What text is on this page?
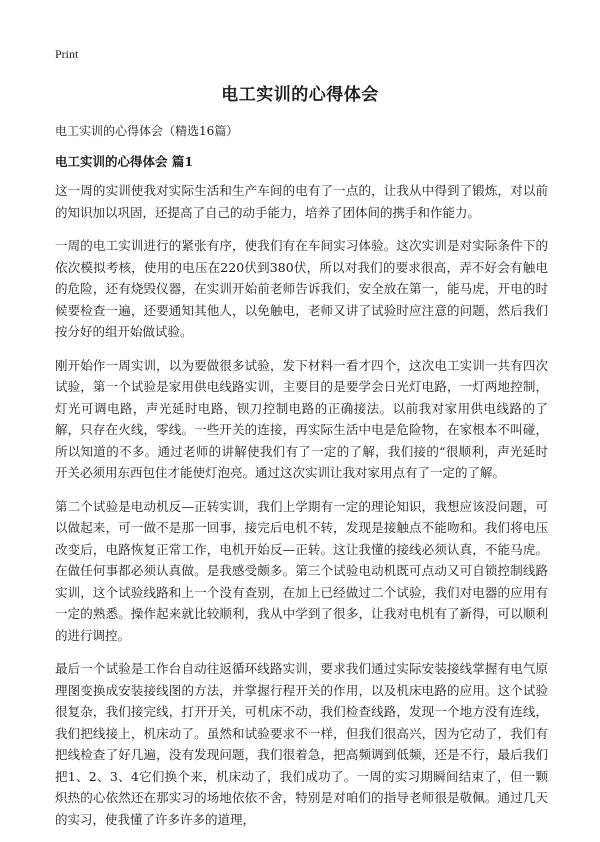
Print
电工实训的心得体会

电工实训的心得体会（精选16篇）

电工实训的心得体会 篇1

这一周的实训使我对实际生活和生产车间的电有了一点的，让我从中得到了锻炼，对以前的知识加以巩固，还提高了自己的动手能力，培养了团体间的携手和作能力。

一周的电工实训进行的紧张有序，使我们有在车间实习体验。这次实训是对实际条件下的依次模拟考核，使用的电压在220伏到380伏，所以对我们的要求很高，弄不好会有触电的危险，还有烧毁仪器，在实训开始前老师告诉我们，安全放在第一，能马虎，开电的时候要检查一遍，还要通知其他人，以免触电，老师又讲了试验时应注意的问题，然后我们按分好的组开始做试验。

刚开始作一周实训，以为要做很多试验，发下材料一看才四个，这次电工实训一共有四次试验，第一个试验是家用供电线路实训，主要目的是要学会日光灯电路，一灯两地控制，灯光可调电路，声光延时电路，钡刀控制电路的正确接法。以前我对家用供电线路的了解，只存在火线，零线。一些开关的连接，再实际生活中电是危险物，在家根本不叫碰，所以知道的不多。通过老师的讲解使我们有了一定的了解，我们接的“很顺利，声光延时开关必须用东西包住才能使灯泡亮。通过这次实训让我对家用点有了一定的了解。

第二个试验是电动机反—正转实训，我们上学期有一定的理论知识，我想应该没问题，可以做起来，可一做不是那一回事，接完后电机不转，发现是接触点不能吻和。我们将电压改变后，电路恢复正常工作，电机开始反—正转。这让我懂的接线必须认真，不能马虎。在做任何事都必须认真做。是我感受颇多。第三个试验电动机既可点动又可自锁控制线路实训，这个试验线路和上一个没有查别，在加上已经做过二个试验，我们对电器的应用有一定的熟悉。操作起来就比较顺利，我从中学到了很多，让我对电机有了新得，可以顺利的进行调控。

最后一个试验是工作台自动往返循环线路实训，要求我们通过实际安装接线掌握有电气原理图变换成安装接线图的方法，并掌握行程开关的作用，以及机床电路的应用。这个试验很复杂，我们接完线，打开开关，可机床不动，我们检查线路，发现一个地方没有连线，我们把线接上，机床动了。虽然和试验要求不一样，但我们很高兴，因为它动了，我们有把线检查了好几遍，没有发现问题，我们很着急，把高频调到低频，还是不行，最后我们把1、2、3、4它们换个来，机床动了，我们成功了。一周的实习期瞬间结束了，但一颗炽热的心依然还在那实习的场地依依不舍，特别是对咱们的指导老师很是敬佩。通过几天的实习，使我懂了许多许多的道理，
